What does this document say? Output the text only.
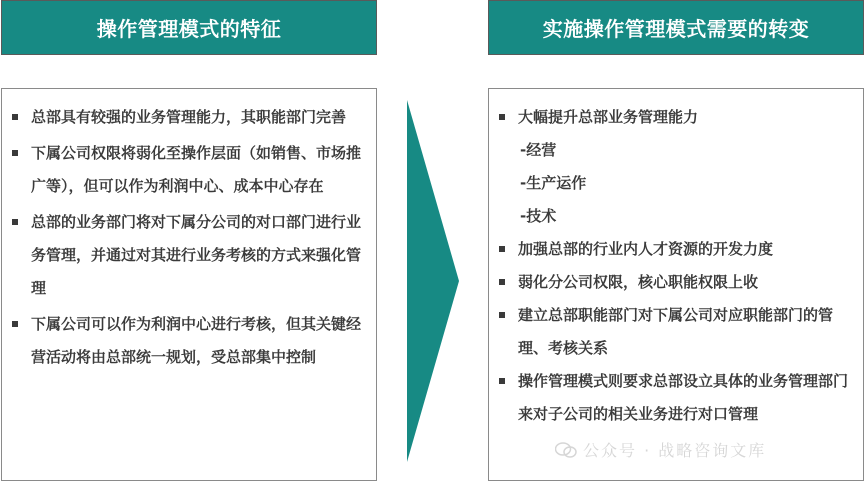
操作管理模式的特征	实施操作管理模式需要的转变
总部具有较强的业务管理能力，其职能部门完善
下属公司权限将弱化至操作层面（如销售、市场推广等），但可以作为利润中心、成本中心存在
总部的业务部门将对下属分公司的对口部门进行业务管理，并通过对其进行业务考核的方式来强化管理
下属公司可以作为利润中心进行考核，但其关键经营活动将由总部统一规划，受总部集中控制
大幅提升总部业务管理能力
-经营
-生产运作
-技术
加强总部的行业内人才资源的开发力度
弱化分公司权限，核心职能权限上收
建立总部职能部门对下属公司对应职能部门的管理、考核关系
操作管理模式则要求总部设立具体的业务管理部门来对子公司的相关业务进行对口管理
公众号 · 战略咨询文库
